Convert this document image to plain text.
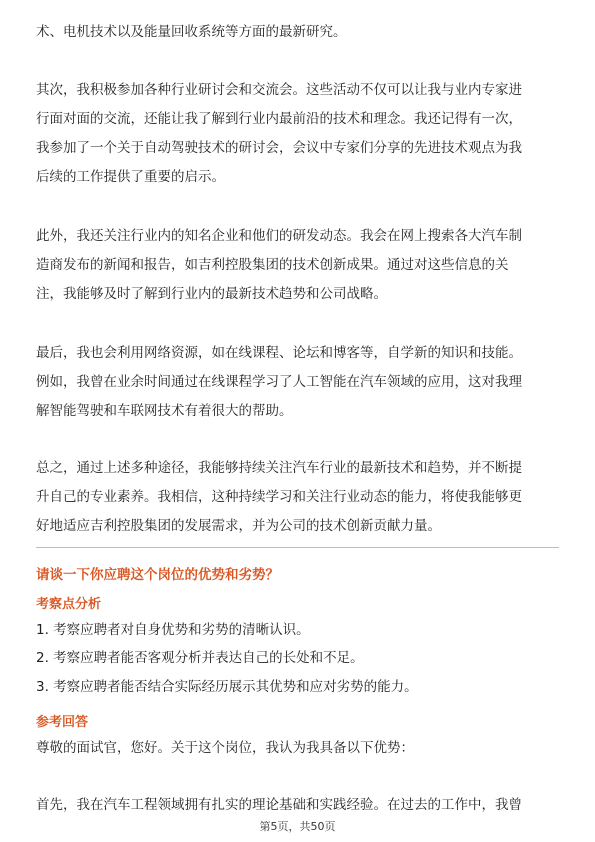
术、电机技术以及能量回收系统等方面的最新研究。

其次，我积极参加各种行业研讨会和交流会。这些活动不仅可以让我与业内专家进
行面对面的交流，还能让我了解到行业内最前沿的技术和理念。我还记得有一次，
我参加了一个关于自动驾驶技术的研讨会，会议中专家们分享的先进技术观点为我
后续的工作提供了重要的启示。

此外，我还关注行业内的知名企业和他们的研发动态。我会在网上搜索各大汽车制
造商发布的新闻和报告，如吉利控股集团的技术创新成果。通过对这些信息的关
注，我能够及时了解到行业内的最新技术趋势和公司战略。

最后，我也会利用网络资源，如在线课程、论坛和博客等，自学新的知识和技能。
例如，我曾在业余时间通过在线课程学习了人工智能在汽车领域的应用，这对我理
解智能驾驶和车联网技术有着很大的帮助。

总之，通过上述多种途径，我能够持续关注汽车行业的最新技术和趋势，并不断提
升自己的专业素养。我相信，这种持续学习和关注行业动态的能力，将使我能够更
好地适应吉利控股集团的发展需求，并为公司的技术创新贡献力量。

请谈一下你应聘这个岗位的优势和劣势？

考察点分析

1. 考察应聘者对自身优势和劣势的清晰认识。

2. 考察应聘者能否客观分析并表达自己的长处和不足。

3. 考察应聘者能否结合实际经历展示其优势和应对劣势的能力。

参考回答

尊敬的面试官，您好。关于这个岗位，我认为我具备以下优势：

首先，我在汽车工程领域拥有扎实的理论基础和实践经验。在过去的工作中，我曾

第5页，共50页
